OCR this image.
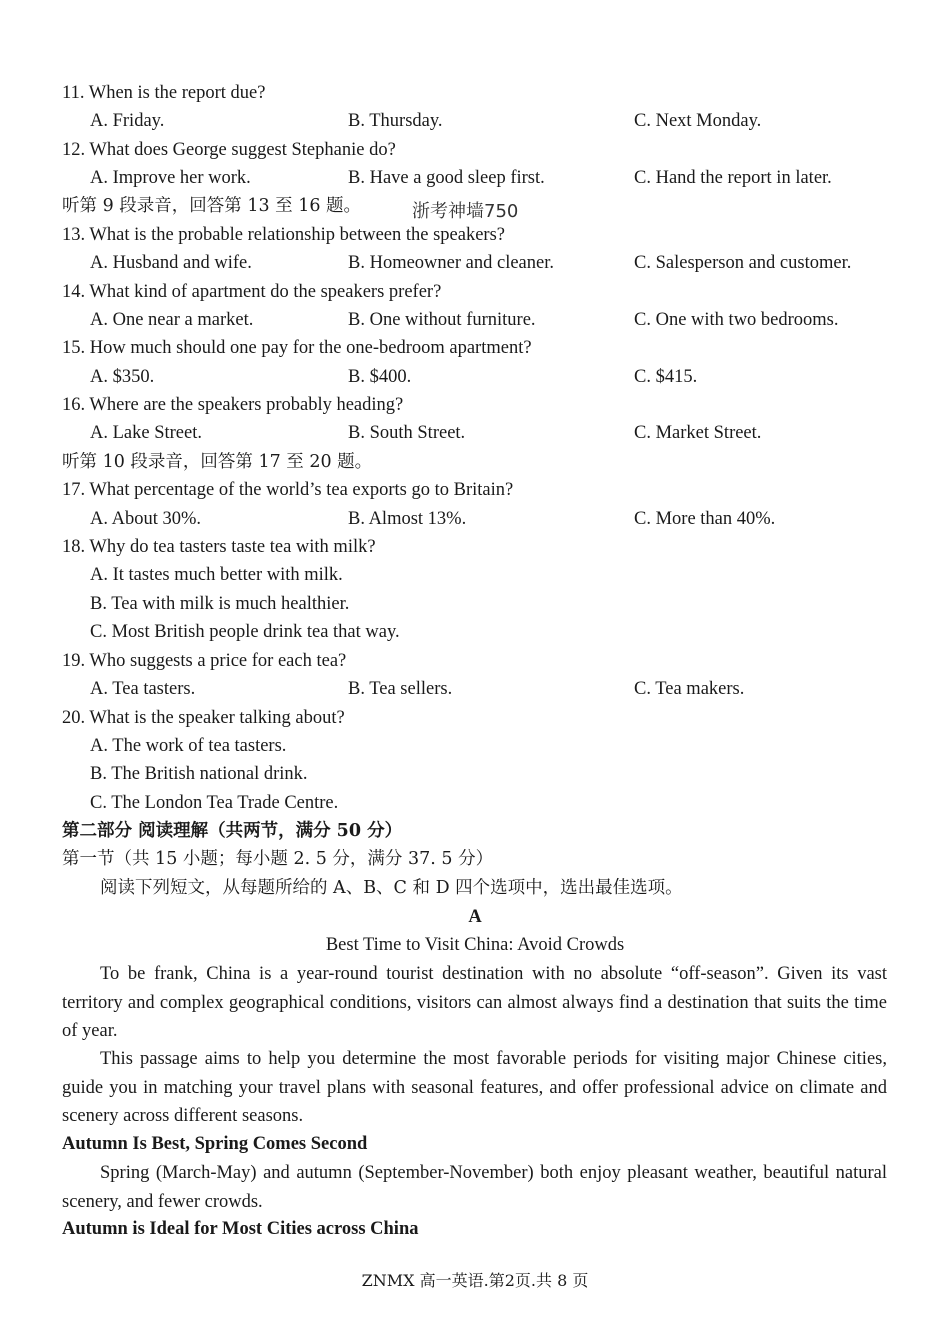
11. When is the report due?
A. Friday.	B. Thursday.	C. Next Monday.
12. What does George suggest Stephanie do?
A. Improve her work.	B. Have a good sleep first.	C. Hand the report in later.
听第 9 段录音，回答第 13 至 16 题。	浙考神墙750
13. What is the probable relationship between the speakers?
A. Husband and wife.	B. Homeowner and cleaner.	C. Salesperson and customer.
14. What kind of apartment do the speakers prefer?
A. One near a market.	B. One without furniture.	C. One with two bedrooms.
15. How much should one pay for the one-bedroom apartment?
A. $350.	B. $400.	C. $415.
16. Where are the speakers probably heading?
A. Lake Street.	B. South Street.	C. Market Street.
听第 10 段录音，回答第 17 至 20 题。
17. What percentage of the world’s tea exports go to Britain?
A. About 30%.	B. Almost 13%.	C. More than 40%.
18. Why do tea tasters taste tea with milk?
A. It tastes much better with milk.
B. Tea with milk is much healthier.
C. Most British people drink tea that way.
19. Who suggests a price for each tea?
A. Tea tasters.	B. Tea sellers.	C. Tea makers.
20. What is the speaker talking about?
A. The work of tea tasters.
B. The British national drink.
C. The London Tea Trade Centre.
第二部分 阅读理解（共两节，满分 50 分）
第一节（共 15 小题；每小题 2. 5 分，满分 37. 5 分）
阅读下列短文，从每题所给的 A、B、C 和 D 四个选项中，选出最佳选项。
A
Best Time to Visit China: Avoid Crowds
To be frank, China is a year-round tourist destination with no absolute “off-season”. Given its vast territory and complex geographical conditions, visitors can almost always find a destination that suits the time of year.
This passage aims to help you determine the most favorable periods for visiting major Chinese cities, guide you in matching your travel plans with seasonal features, and offer professional advice on climate and scenery across different seasons.
Autumn Is Best, Spring Comes Second
Spring (March-May) and autumn (September-November) both enjoy pleasant weather, beautiful natural scenery, and fewer crowds.
Autumn is Ideal for Most Cities across China
ZNMX 高一英语.第2页.共 8 页
